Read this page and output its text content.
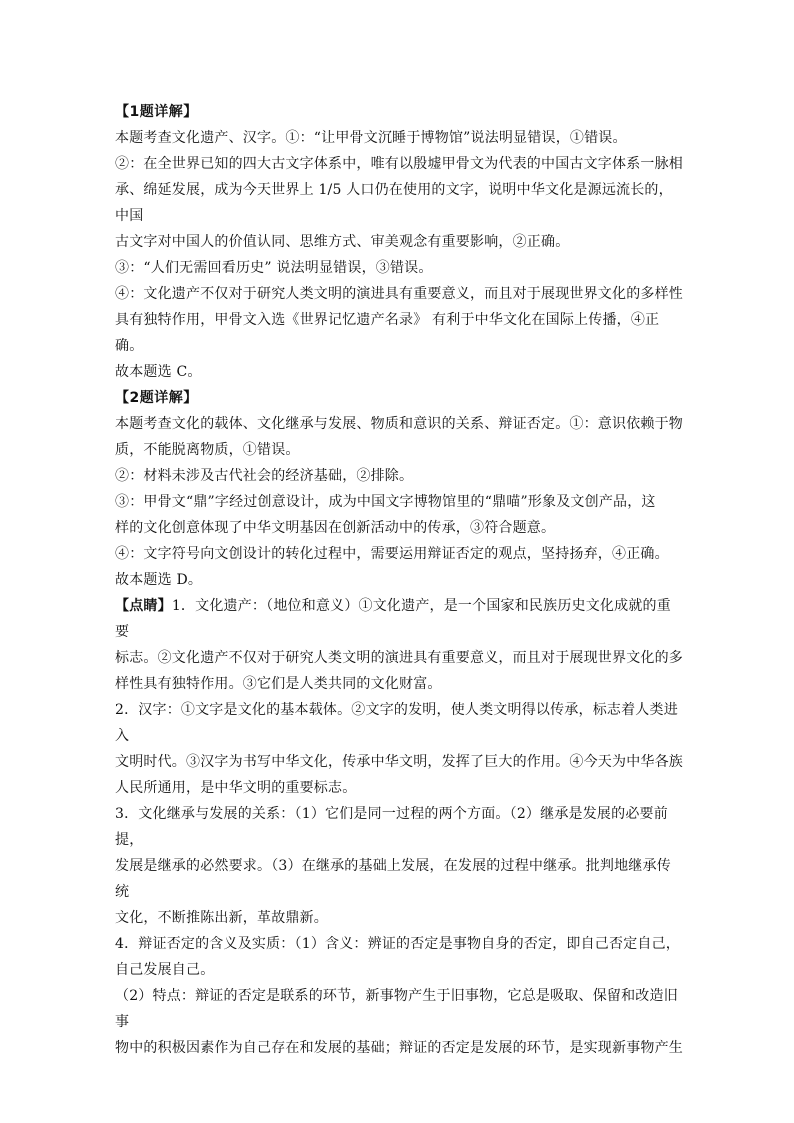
【1题详解】

本题考查文化遗产、汉字。①：“让甲骨文沉睡于博物馆”说法明显错误，①错误。

②：在全世界已知的四大古文字体系中，唯有以殷墟甲骨文为代表的中国古文字体系一脉相

承、绵延发展，成为今天世界上 1/5 人口仍在使用的文字，说明中华文化是源远流长的，中国

古文字对中国人的价值认同、思维方式、审美观念有重要影响，②正确。

③：“人们无需回看历史” 说法明显错误，③错误。

④：文化遗产不仅对于研究人类文明的演进具有重要意义，而且对于展现世界文化的多样性

具有独特作用，甲骨文入选《世界记忆遗产名录》 有利于中华文化在国际上传播，④正确。

故本题选 C。

【2题详解】

本题考查文化的载体、文化继承与发展、物质和意识的关系、辩证否定。①：意识依赖于物

质，不能脱离物质，①错误。

②：材料未涉及古代社会的经济基础，②排除。

③：甲骨文“鼎”字经过创意设计，成为中国文字博物馆里的“鼎喵”形象及文创产品，这

样的文化创意体现了中华文明基因在创新活动中的传承，③符合题意。

④：文字符号向文创设计的转化过程中，需要运用辩证否定的观点，坚持扬弃，④正确。

故本题选 D。

【点睛】1．文化遗产：（地位和意义）①文化遗产，是一个国家和民族历史文化成就的重要

标志。②文化遗产不仅对于研究人类文明的演进具有重要意义，而且对于展现世界文化的多

样性具有独特作用。③它们是人类共同的文化财富。

2．汉字：①文字是文化的基本载体。②文字的发明，使人类文明得以传承，标志着人类进入

文明时代。③汉字为书写中华文化，传承中华文明，发挥了巨大的作用。④今天为中华各族

人民所通用，是中华文明的重要标志。

3．文化继承与发展的关系：（1）它们是同一过程的两个方面。（2）继承是发展的必要前提，

发展是继承的必然要求。（3）在继承的基础上发展，在发展的过程中继承。批判地继承传统

文化，不断推陈出新，革故鼎新。

4．辩证否定的含义及实质：（1）含义：辨证的否定是事物自身的否定，即自己否定自己，

自己发展自己。

（2）特点：辩证的否定是联系的环节，新事物产生于旧事物，它总是吸取、保留和改造旧事

物中的积极因素作为自己存在和发展的基础；辩证的否定是发展的环节，是实现新事物产生
